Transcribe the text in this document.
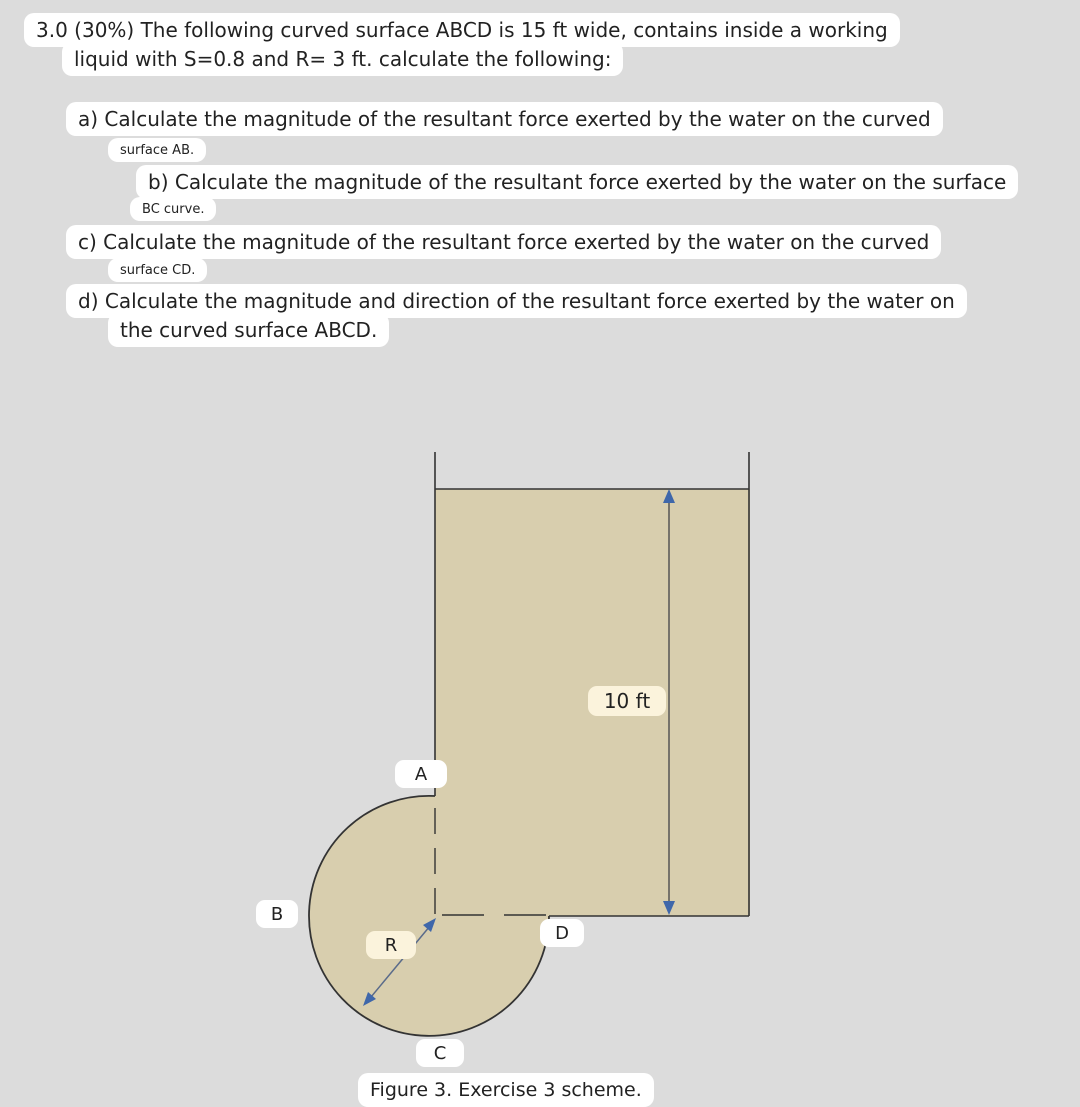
3.0 (30%) The following curved surface ABCD is 15 ft wide, contains inside a working
liquid with S=0.8 and R= 3 ft. calculate the following:
a) Calculate the magnitude of the resultant force exerted by the water on the curved
surface AB.
b) Calculate the magnitude of the resultant force exerted by the water on the surface
BC curve.
c) Calculate the magnitude of the resultant force exerted by the water on the curved
surface CD.
d) Calculate the magnitude and direction of the resultant force exerted by the water on
the curved surface ABCD.
10 ft
A
B
R
D
C
Figure 3. Exercise 3 scheme.
